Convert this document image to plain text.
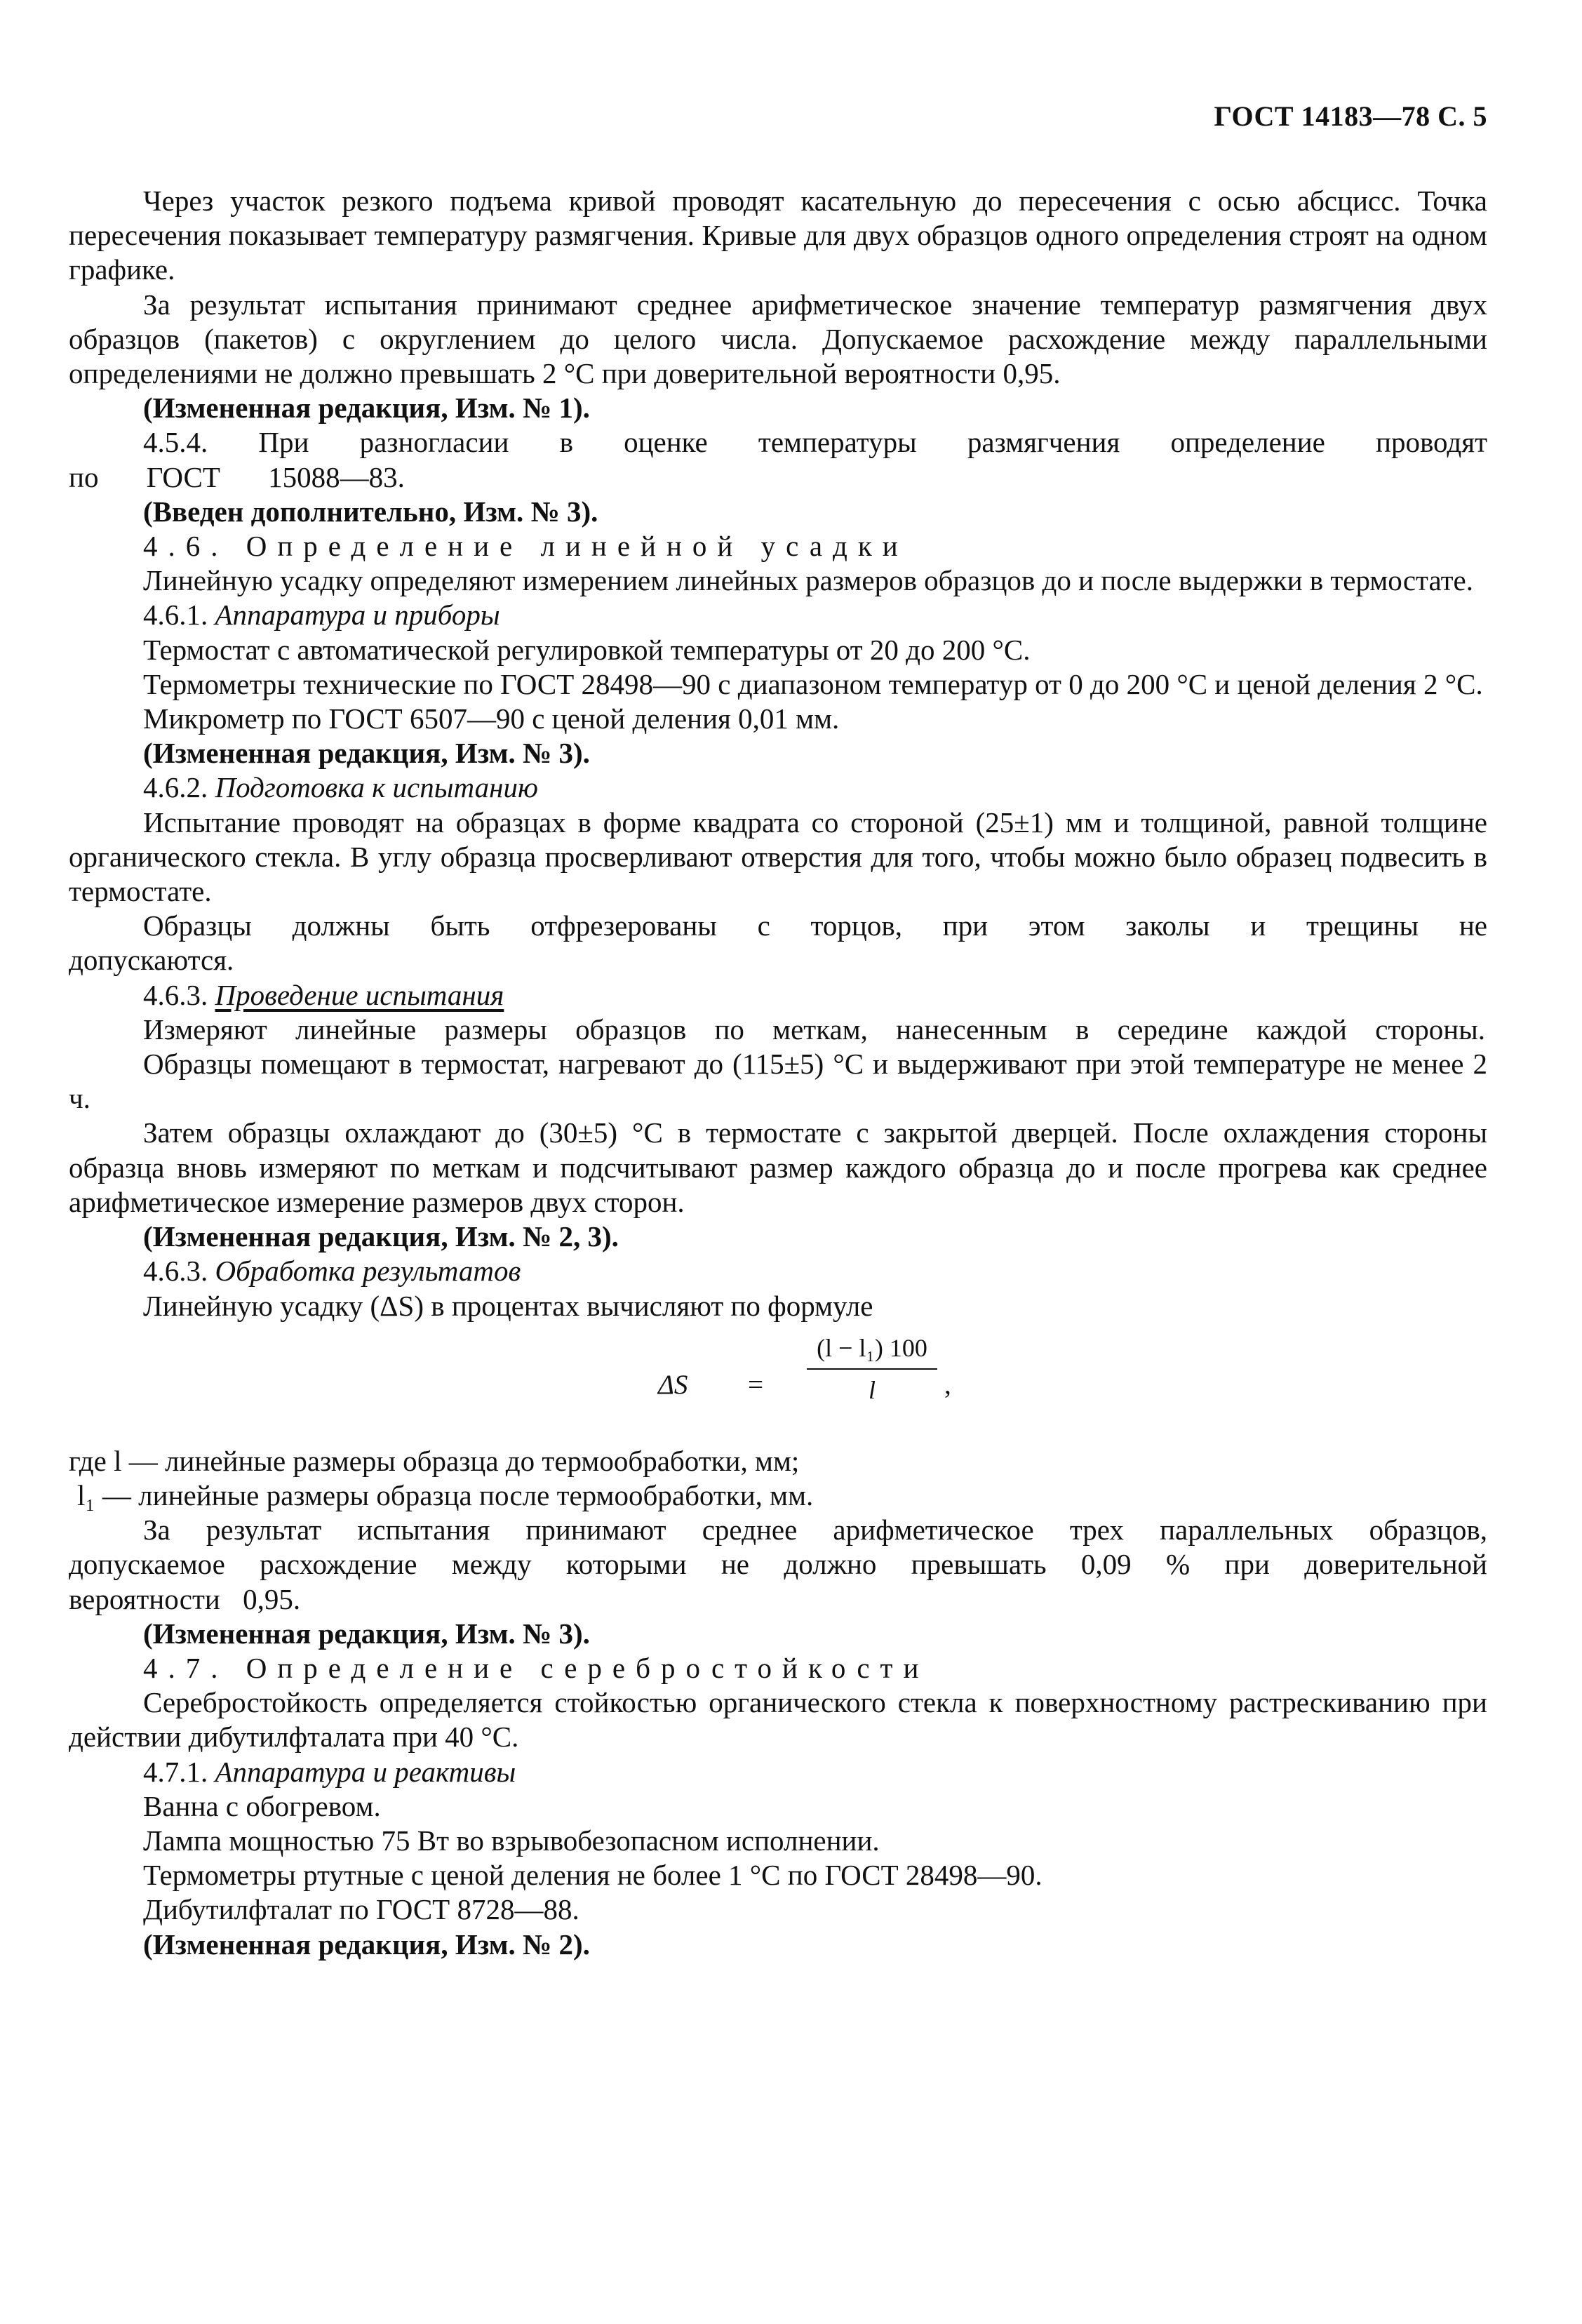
ГОСТ 14183—78 С. 5

Через участок резкого подъема кривой проводят касательную до пересечения с осью абсцисс. Точка пересечения показывает температуру размягчения. Кривые для двух образцов одного определения строят на одном графике.

За результат испытания принимают среднее арифметическое значение температур размягчения двух образцов (пакетов) с округлением до целого числа. Допускаемое расхождение между параллельными определениями не должно превышать 2 °С при доверительной вероятности 0,95.

(Измененная редакция, Изм. № 1).

4.5.4. При разногласии в оценке температуры размягчения определение проводят по ГОСТ 15088—83.

(Введен дополнительно, Изм. № 3).

4.6. Определение линейной усадки

Линейную усадку определяют измерением линейных размеров образцов до и после выдержки в термостате.

4.6.1. Аппаратура и приборы

Термостат с автоматической регулировкой температуры от 20 до 200 °С.

Термометры технические по ГОСТ 28498—90 с диапазоном температур от 0 до 200 °С и ценой деления 2 °С.

Микрометр по ГОСТ 6507—90 с ценой деления 0,01 мм.

(Измененная редакция, Изм. № 3).

4.6.2. Подготовка к испытанию

Испытание проводят на образцах в форме квадрата со стороной (25±1) мм и толщиной, равной толщине органического стекла. В углу образца просверливают отверстия для того, чтобы можно было образец подвесить в термостате.

Образцы должны быть отфрезерованы с торцов, при этом заколы и трещины не допускаются.

4.6.3. Проведение испытания

Измеряют линейные размеры образцов по меткам, нанесенным в середине каждой стороны.

Образцы помещают в термостат, нагревают до (115±5) °С и выдерживают при этой температуре не менее 2 ч.

Затем образцы охлаждают до (30±5) °С в термостате с закрытой дверцей. После охлаждения стороны образца вновь измеряют по меткам и подсчитывают размер каждого образца до и после прогрева как среднее арифметическое измерение размеров двух сторон.

(Измененная редакция, Изм. № 2, 3).

4.6.3. Обработка результатов

Линейную усадку (ΔS) в процентах вычисляют по формуле

ΔS =
(l − l₁) 100
l	,

где l — линейные размеры образца до термообработки, мм;

l₁ — линейные размеры образца после термообработки, мм.

За результат испытания принимают среднее арифметическое трех параллельных образцов, допускаемое расхождение между которыми не должно превышать 0,09 % при доверительной вероятности 0,95.

(Измененная редакция, Изм. № 3).

4.7. Определение серебростойкости

Серебростойкость определяется стойкостью органического стекла к поверхностному растрескиванию при действии дибутилфталата при 40 °С.

4.7.1. Аппаратура и реактивы

Ванна с обогревом.

Лампа мощностью 75 Вт во взрывобезопасном исполнении.

Термометры ртутные с ценой деления не более 1 °С по ГОСТ 28498—90.

Дибутилфталат по ГОСТ 8728—88.

(Измененная редакция, Изм. № 2).
